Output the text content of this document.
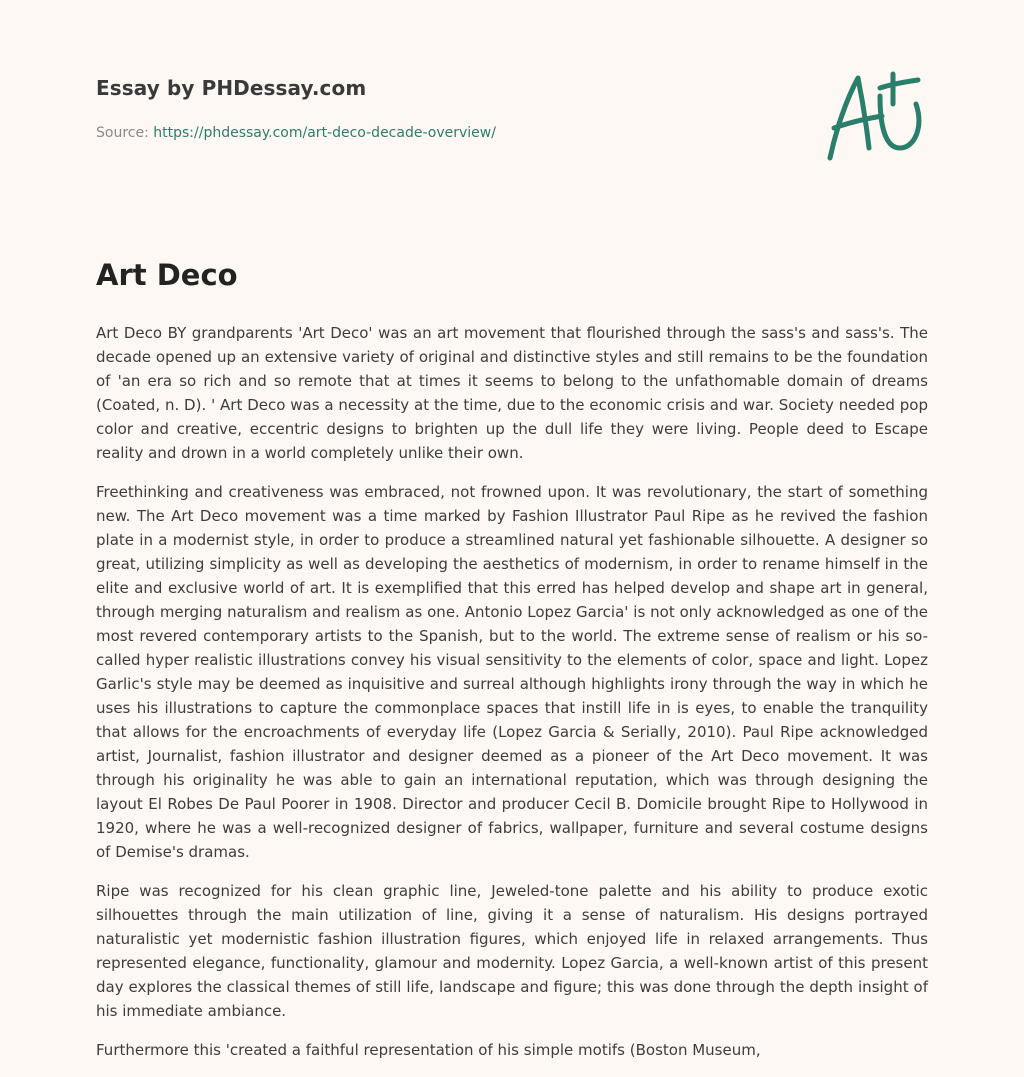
Essay by PHDessay.com
Source: https://phdessay.com/art-deco-decade-overview/
Art Deco

Art Deco BY grandparents 'Art Deco' was an art movement that flourished through the sass's and sass's. The decade opened up an extensive variety of original and distinctive styles and still remains to be the foundation of 'an era so rich and so remote that at times it seems to belong to the unfathomable domain of dreams (Coated, n. D). ' Art Deco was a necessity at the time, due to the economic crisis and war. Society needed pop color and creative, eccentric designs to brighten up the dull life they were living. People deed to Escape reality and drown in a world completely unlike their own.

Freethinking and creativeness was embraced, not frowned upon. It was revolutionary, the start of something new. The Art Deco movement was a time marked by Fashion Illustrator Paul Ripe as he revived the fashion plate in a modernist style, in order to produce a streamlined natural yet fashionable silhouette. A designer so great, utilizing simplicity as well as developing the aesthetics of modernism, in order to rename himself in the elite and exclusive world of art. It is exemplified that this erred has helped develop and shape art in general, through merging naturalism and realism as one. Antonio Lopez Garcia' is not only acknowledged as one of the most revered contemporary artists to the Spanish, but to the world. The extreme sense of realism or his so-called hyper realistic illustrations convey his visual sensitivity to the elements of color, space and light. Lopez Garlic's style may be deemed as inquisitive and surreal although highlights irony through the way in which he uses his illustrations to capture the commonplace spaces that instill life in is eyes, to enable the tranquility that allows for the encroachments of everyday life (Lopez Garcia & Serially, 2010). Paul Ripe acknowledged artist, Journalist, fashion illustrator and designer deemed as a pioneer of the Art Deco movement. It was through his originality he was able to gain an international reputation, which was through designing the layout El Robes De Paul Poorer in 1908. Director and producer Cecil B. Domicile brought Ripe to Hollywood in 1920, where he was a well-recognized designer of fabrics, wallpaper, furniture and several costume designs of Demise's dramas.

Ripe was recognized for his clean graphic line, Jeweled-tone palette and his ability to produce exotic silhouettes through the main utilization of line, giving it a sense of naturalism. His designs portrayed naturalistic yet modernistic fashion illustration figures, which enjoyed life in relaxed arrangements. Thus represented elegance, functionality, glamour and modernity. Lopez Garcia, a well-known artist of this present day explores the classical themes of still life, landscape and figure; this was done through the depth insight of his immediate ambiance.

Furthermore this 'created a faithful representation of his simple motifs (Boston Museum,
